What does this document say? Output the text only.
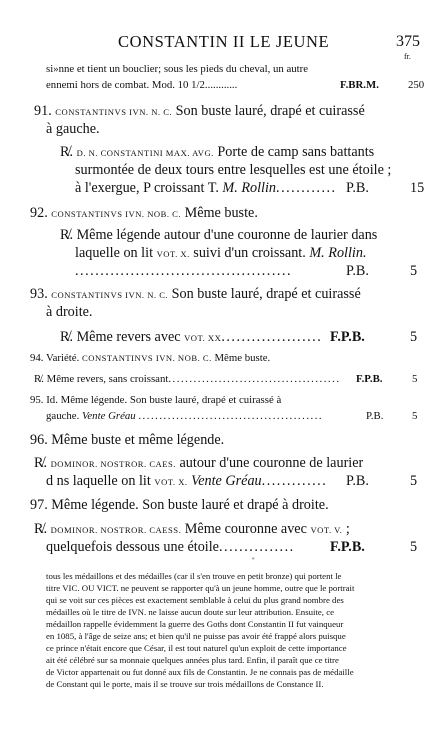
CONSTANTIN II LE JEUNE	375
fr.
si»nne et tient un bouclier; sous les pieds du cheval, un autre
ennemi hors de combat. Mod. 10 1/2............	F.BR.M.	250
91. CONSTANTINVS IVN. N. C. Son buste lauré, drapé et cuirassé
à gauche.
R̸. D. N. CONSTANTINI MAX. AVG. Porte de camp sans battants
surmontée de deux tours entre lesquelles est une étoile ;
à l'exergue, P croissant T. M. Rollin............ P.B.	15
92. CONSTANTINVS IVN. NOB. C. Même buste.
R̸. Même légende autour d'une couronne de laurier dans
laquelle on lit VOT. X. suivi d'un croissant. M. Rollin.
...........................................	P.B.	5
93. CONSTANTINVS IVN. N. C. Son buste lauré, drapé et cuirassé
à droite.
R̸. Même revers avec VOT. XX.................... F.P.B.	5
94. Variété. CONSTANTINVS IVN. NOB. C. Même buste.
R̸. Même revers, sans croissant......................................... F.P.B.	5
95. Id. Même légende. Son buste lauré, drapé et cuirassé à
gauche. Vente Gréau ............................................	P.B.	5
96. Même buste et même légende.
R̸. DOMINOR. NOSTROR. CAES. autour d'une couronne de laurier
d ns laquelle on lit VOT. X. Vente Gréau............. P.B.	5
97. Même légende. Son buste lauré et drapé à droite.
R̸. DOMINOR. NOSTROR. CAESS. Même couronne avec VOT. V. ;
quelquefois dessous une étoile............... F.P.B.	5
ʷ
tous les médaillons et des médailles (car il s'en trouve en petit bronze) qui portent le
titre VIC. OU VICT. ne peuvent se rapporter qu'à un jeune homme, outre que le portrait
qui se voit sur ces pièces est exactement semblable à celui du plus grand nombre des
médailles où le titre de IVN. ne laisse aucun doute sur leur attribution. Ensuite, ce
médaillon rappelle évidemment la guerre des Goths dont Constantin II fut vainqueur
en 1085, à l'âge de seize ans; et bien qu'il ne puisse pas avoir été frappé alors puisque
ce prince n'était encore que César, il est tout naturel qu'un exploit de cette importance
ait été célébré sur sa monnaie quelques années plus tard. Enfin, il paraît que ce titre
de Victor appartenait ou fut donné aux fils de Constantin. Je ne connais pas de médaille
de Constant qui le porte, mais il se trouve sur trois médaillons de Constance II.
